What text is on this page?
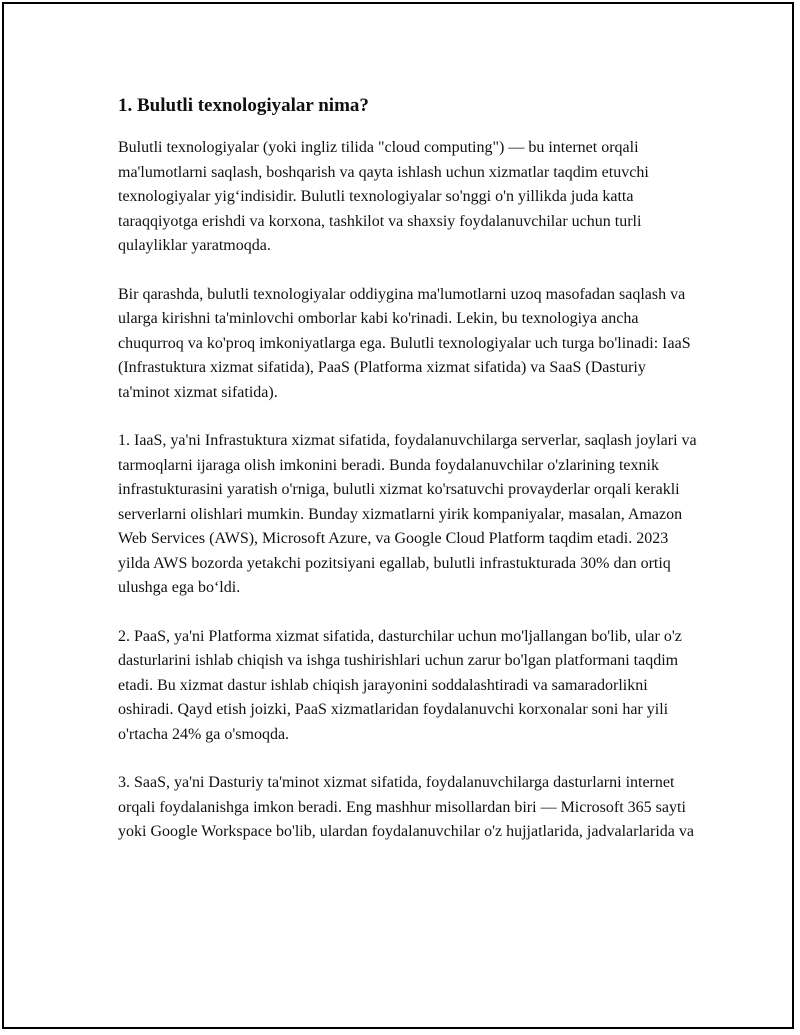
1. Bulutli texnologiyalar nima?

Bulutli texnologiyalar (yoki ingliz tilida "cloud computing") — bu internet orqali ma'lumotlarni saqlash, boshqarish va qayta ishlash uchun xizmatlar taqdim etuvchi texnologiyalar yig‘indisidir. Bulutli texnologiyalar so'nggi o'n yillikda juda katta taraqqiyotga erishdi va korxona, tashkilot va shaxsiy foydalanuvchilar uchun turli qulayliklar yaratmoqda.

Bir qarashda, bulutli texnologiyalar oddiygina ma'lumotlarni uzoq masofadan saqlash va ularga kirishni ta'minlovchi omborlar kabi ko'rinadi. Lekin, bu texnologiya ancha chuqurroq va ko'proq imkoniyatlarga ega. Bulutli texnologiyalar uch turga bo'linadi: IaaS (Infrastuktura xizmat sifatida), PaaS (Platforma xizmat sifatida) va SaaS (Dasturiy ta'minot xizmat sifatida).

1. IaaS, ya'ni Infrastuktura xizmat sifatida, foydalanuvchilarga serverlar, saqlash joylari va tarmoqlarni ijaraga olish imkonini beradi. Bunda foydalanuvchilar o'zlarining texnik infrastukturasini yaratish o'rniga, bulutli xizmat ko'rsatuvchi provayderlar orqali kerakli serverlarni olishlari mumkin. Bunday xizmatlarni yirik kompaniyalar, masalan, Amazon Web Services (AWS), Microsoft Azure, va Google Cloud Platform taqdim etadi. 2023 yilda AWS bozorda yetakchi pozitsiyani egallab, bulutli infrastukturada 30% dan ortiq ulushga ega bo‘ldi.

2. PaaS, ya'ni Platforma xizmat sifatida, dasturchilar uchun mo'ljallangan bo'lib, ular o'z dasturlarini ishlab chiqish va ishga tushirishlari uchun zarur bo'lgan platformani taqdim etadi. Bu xizmat dastur ishlab chiqish jarayonini soddalashtiradi va samaradorlikni oshiradi. Qayd etish joizki, PaaS xizmatlaridan foydalanuvchi korxonalar soni har yili o'rtacha 24% ga o'smoqda.

3. SaaS, ya'ni Dasturiy ta'minot xizmat sifatida, foydalanuvchilarga dasturlarni internet orqali foydalanishga imkon beradi. Eng mashhur misollardan biri — Microsoft 365 sayti yoki Google Workspace bo'lib, ulardan foydalanuvchilar o'z hujjatlarida, jadvalarlarida va
